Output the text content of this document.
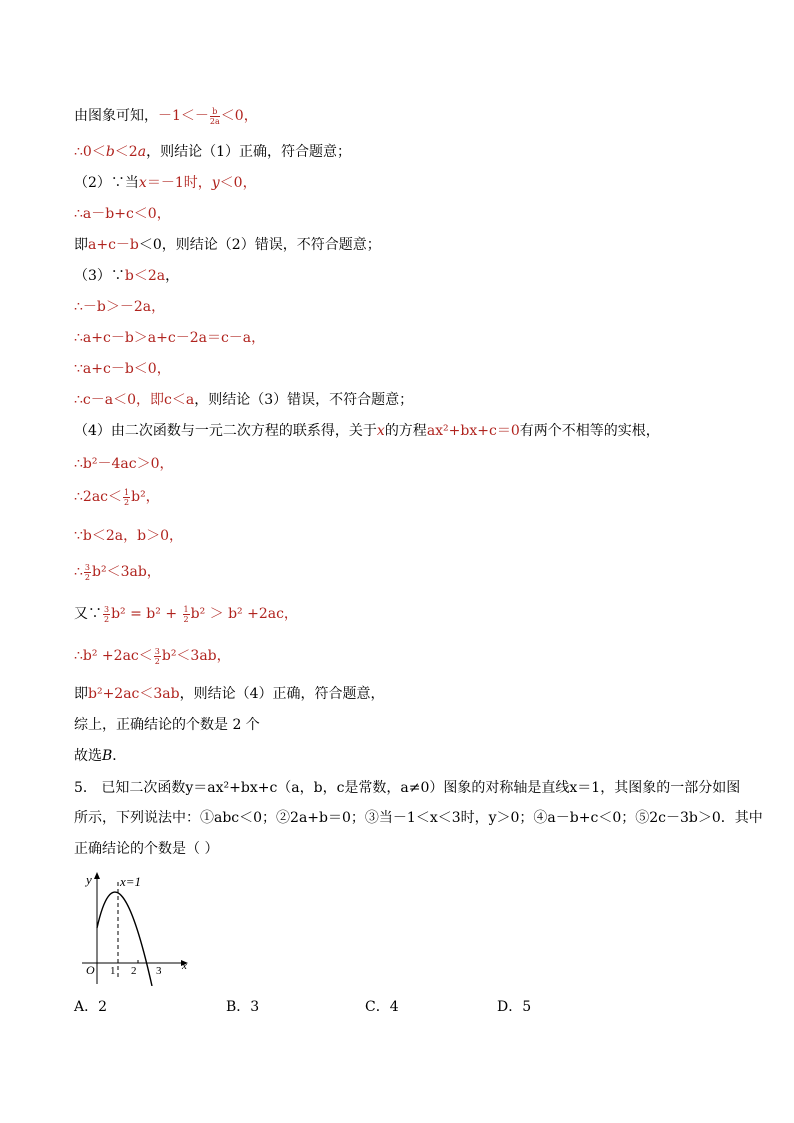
由图象可知，$-1<- \frac{b}{2a} <0$，
∴0＜b＜2a，则结论（1）正确，符合题意；
（2）∵当x＝－1时，y＜0，
∴a－b+c＜0，
即a+c－b＜0，则结论（2）错误，不符合题意；
（3）∵b＜2a，
∴－b＞－2a，
∴a+c－b＞a+c－2a＝c－a，
∵a+c－b＜0，
∴c－a＜0，即c＜a，则结论（3）错误，不符合题意；
（4）由二次函数与一元二次方程的联系得，关于x的方程ax²+bx+c＝0有两个不相等的实根，
∴b²－4ac＞0，
∴2ac＜ $\frac{1}{2} b^2$，
∵b＜2a，b＞0，
∴ $\frac{3}{2} b^2<3ab$，
又∵ $\frac{3}{2} b^2 = b^2 + \frac{1}{2} b^2 > b^2 +2ac$，
∴b² $+2ac< \frac{3}{2} b^2<3ab$，
即b²+2ac＜3ab，则结论（4）正确，符合题意，
综上，正确结论的个数是 2 个
故选B．
5． 已知二次函数y＝ax²+bx+c（a，b，c是常数，a≠0）图象的对称轴是直线x＝1，其图象的一部分如图
所示，下列说法中：①abc＜0；②2a+b＝0；③当－1＜x＜3时，y＞0；④a－b+c＜0；⑤2c－3b＞0．其中
正确结论的个数是（ ）
y x=1
O 1 2 3 x
A．2	B．3	C．4	D．5
